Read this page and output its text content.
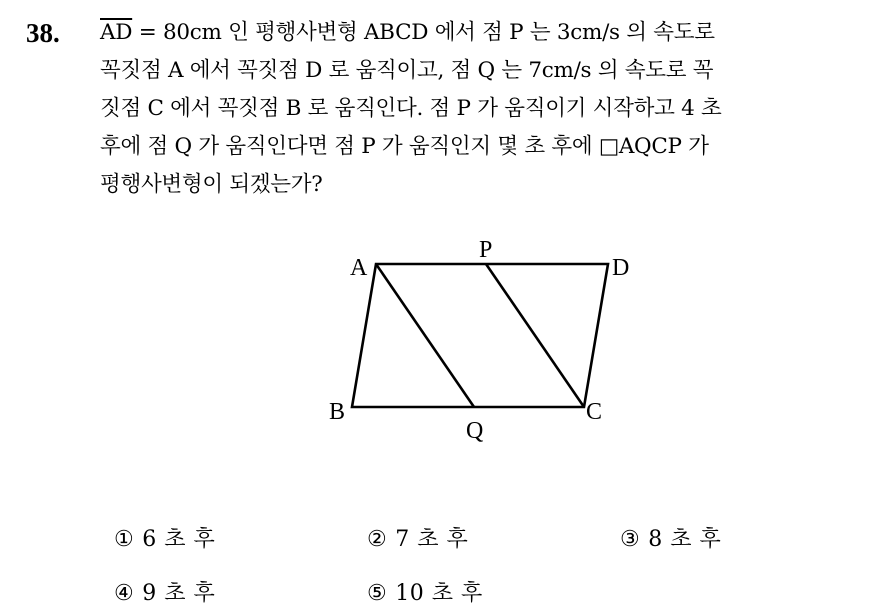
38. $\overline{AD} = 80cm$ 인 평행사변형 ABCD 에서 점 P 는 3cm/s 의 속도로
꼭짓점 A 에서 꼭짓점 D 로 움직이고, 점 Q 는 7cm/s 의 속도로 꼭
짓점 C 에서 꼭짓점 B 로 움직인다. 점 P 가 움직이기 시작하고 4 초
후에 점 Q 가 움직인다면 점 P 가 움직인지 몇 초 후에 □AQCP 가
평행사변형이 되겠는가?
A
P
D
B
Q
C
① 6 초 후	② 7 초 후	③ 8 초 후
④ 9 초 후	⑤ 10 초 후
